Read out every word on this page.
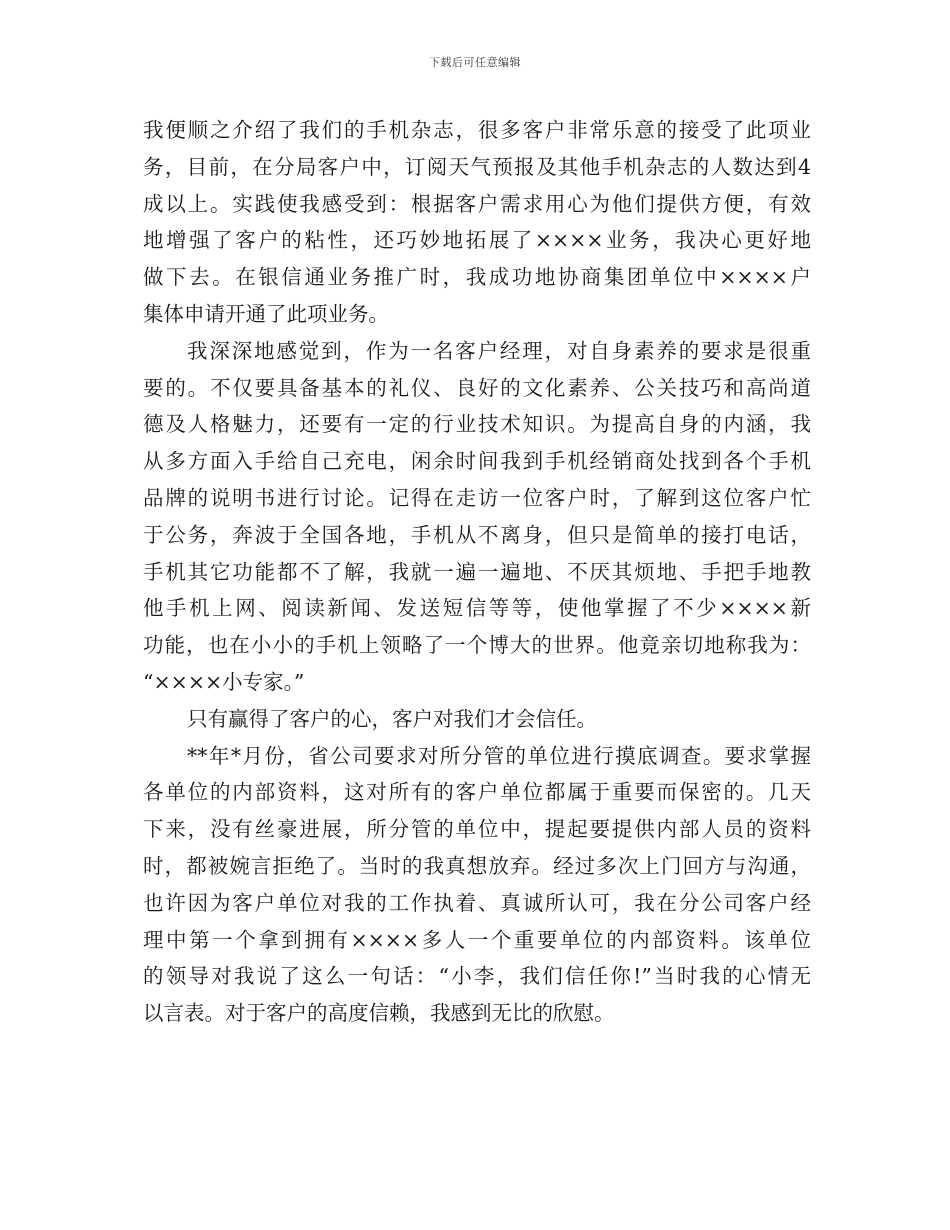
下载后可任意编辑
我便顺之介绍了我们的手机杂志，很多客户非常乐意的接受了此项业
务，目前，在分局客户中，订阅天气预报及其他手机杂志的人数达到4
成以上。实践使我感受到：根据客户需求用心为他们提供方便，有效
地增强了客户的粘性，还巧妙地拓展了××××业务，我决心更好地
做下去。在银信通业务推广时，我成功地协商集团单位中××××户
集体申请开通了此项业务。
我深深地感觉到，作为一名客户经理，对自身素养的要求是很重
要的。不仅要具备基本的礼仪、良好的文化素养、公关技巧和高尚道
德及人格魅力，还要有一定的行业技术知识。为提高自身的内涵，我
从多方面入手给自己充电，闲余时间我到手机经销商处找到各个手机
品牌的说明书进行讨论。记得在走访一位客户时，了解到这位客户忙
于公务，奔波于全国各地，手机从不离身，但只是简单的接打电话，
手机其它功能都不了解，我就一遍一遍地、不厌其烦地、手把手地教
他手机上网、阅读新闻、发送短信等等，使他掌握了不少××××新
功能，也在小小的手机上领略了一个博大的世界。他竟亲切地称我为：
“××××小专家。”
只有赢得了客户的心，客户对我们才会信任。
**年*月份，省公司要求对所分管的单位进行摸底调查。要求掌握
各单位的内部资料，这对所有的客户单位都属于重要而保密的。几天
下来，没有丝豪进展，所分管的单位中，提起要提供内部人员的资料
时，都被婉言拒绝了。当时的我真想放弃。经过多次上门回方与沟通，
也许因为客户单位对我的工作执着、真诚所认可，我在分公司客户经
理中第一个拿到拥有××××多人一个重要单位的内部资料。该单位
的领导对我说了这么一句话：“小李，我们信任你!”当时我的心情无
以言表。对于客户的高度信赖，我感到无比的欣慰。
